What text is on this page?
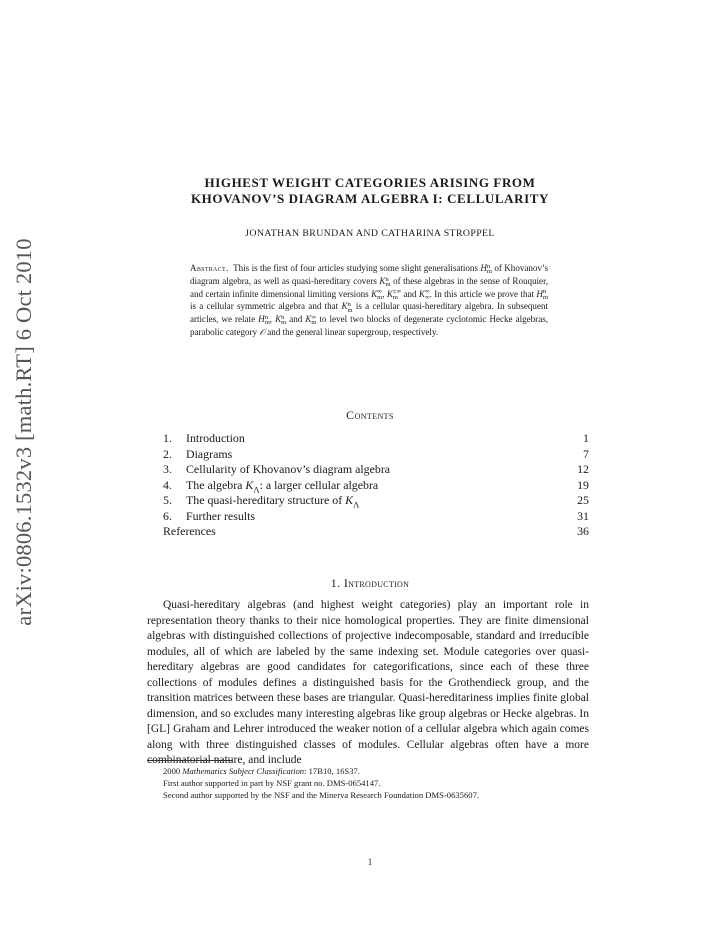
arXiv:0806.1532v3 [math.RT] 6 Oct 2010
HIGHEST WEIGHT CATEGORIES ARISING FROM
KHOVANOV’S DIAGRAM ALGEBRA I: CELLULARITY
JONATHAN BRUNDAN AND CATHARINA STROPPEL
Abstract. This is the first of four articles studying some slight generalisations H n
m of Khovanov’s diagram algebra, as well as quasi-hereditary covers K n
m of these algebras in the sense of Rouquier, and certain infinite dimensional limiting versions K ∞
m , K ±∞
m and K ∞
∞ . In this article we prove that H n
m
is a cellular symmetric algebra and that K n
m is a cellular quasi-hereditary algebra. In subsequent articles, we relate H n
m , K n
m and K ∞
m to level two blocks of degenerate cyclotomic Hecke algebras, parabolic category 𝒪 and the general linear supergroup, respectively.
Contents
1. Introduction	1
2. Diagrams	7
3. Cellularity of Khovanov’s diagram algebra	12
4. The algebra $K_\Lambda$: a larger cellular algebra	19
5. The quasi-hereditary structure of $K_\Lambda$	25
6. Further results	31
References	36
1. Introduction

Quasi-hereditary algebras (and highest weight categories) play an important role in representation theory thanks to their nice homological properties. They are finite dimensional algebras with distinguished collections of projective indecomposable, standard and irreducible modules, all of which are labeled by the same indexing set. Module categories over quasi-hereditary algebras are good candidates for categorifications, since each of these three collections of modules defines a distinguished basis for the Grothendieck group, and the transition matrices between these bases are triangular. Quasi-hereditariness implies finite global dimension, and so excludes many interesting algebras like group algebras or Hecke algebras. In [GL] Graham and Lehrer introduced the weaker notion of a cellular algebra which again comes along with three distinguished classes of modules. Cellular algebras often have a more combinatorial nature, and include

2000 Mathematics Subject Classification: 17B10, 16S37.
First author supported in part by NSF grant no. DMS-0654147.
Second author supported by the NSF and the Minerva Research Foundation DMS-0635607.
1
